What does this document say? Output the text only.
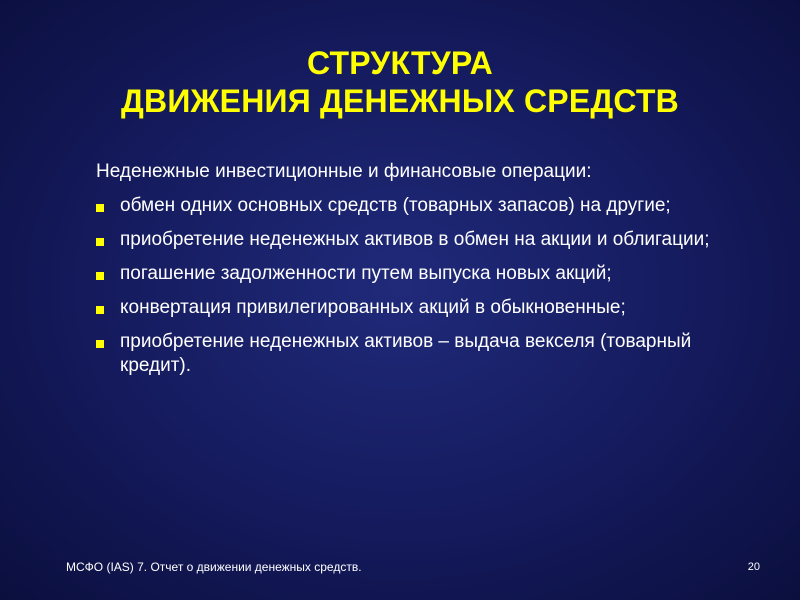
СТРУКТУРА
ДВИЖЕНИЯ ДЕНЕЖНЫХ СРЕДСТВ
Неденежные инвестиционные и финансовые операции:
обмен одних основных средств (товарных запасов) на другие;
приобретение неденежных активов в обмен на акции и облигации;
погашение задолженности путем выпуска новых акций;
конвертация привилегированных акций в обыкновенные;
приобретение неденежных активов – выдача векселя (товарный кредит).
МСФО (IAS) 7. Отчет о движении денежных средств.	20
